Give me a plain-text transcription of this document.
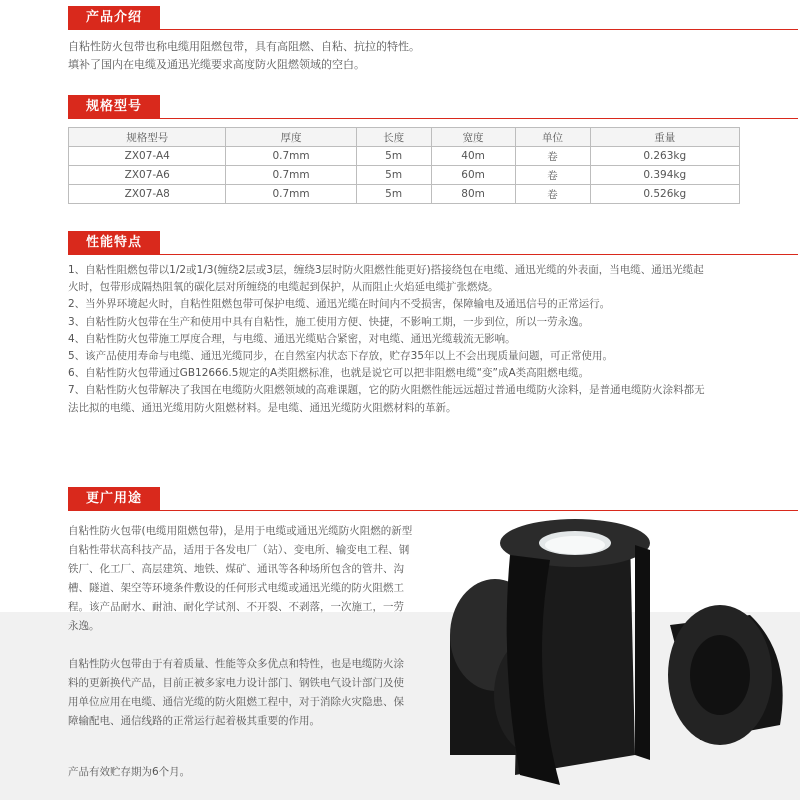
产品介绍
自粘性防火包带也称电缆用阻燃包带，具有高阻燃、自粘、抗拉的特性。
填补了国内在电缆及通迅光缆要求高度防火阻燃领域的空白。
规格型号
规格型号	厚度	长度	宽度	单位	重量
ZX07-A4	0.7mm	5m	40m	卷	0.263kg
ZX07-A6	0.7mm	5m	60m	卷	0.394kg
ZX07-A8	0.7mm	5m	80m	卷	0.526kg
性能特点

1、自粘性阻燃包带以1/2或1/3(缠绕2层或3层，缠绕3层时防火阻燃性能更好)搭接绕包在电缆、通迅光缆的外表面，当电缆、通迅光缆起火时，包带形成隔热阻氧的碳化层对所缠绕的电缆起到保护，从而阻止火焰延电缆扩张燃烧。

2、当外界环境起火时，自粘性阻燃包带可保护电缆、通迅光缆在时间内不受损害，保障输电及通迅信号的正常运行。

3、自粘性防火包带在生产和使用中具有自粘性，施工使用方便、快捷，不影响工期，一步到位，所以一劳永逸。

4、自粘性防火包带施工厚度合理，与电缆、通迅光缆贴合紧密，对电缆、通迅光缆载流无影响。

5、该产品使用寿命与电缆、通迅光缆同步，在自然室内状态下存放，贮存35年以上不会出现质量问题，可正常使用。

6、自粘性防火包带通过GB12666.5规定的A类阻燃标准，也就是说它可以把非阻燃电缆“变”成A类高阻燃电缆。

7、自粘性防火包带解决了我国在电缆防火阻燃领域的高难课题，它的防火阻燃性能远远超过普通电缆防火涂料，是普通电缆防火涂料都无法比拟的电缆、通迅光缆用防火阻燃材料。是电缆、通迅光缆防火阻燃材料的革新。

更广用途

自粘性防火包带(电缆用阻燃包带)，是用于电缆或通迅光缆防火阻燃的新型自粘性带状高科技产品，适用于各发电厂（站）、变电所、输变电工程、钢铁厂、化工厂、高层建筑、地铁、煤矿、通讯等各种场所包含的管井、沟槽、隧道、架空等环境条件敷设的任何形式电缆或通迅光缆的防火阻燃工程。该产品耐水、耐油、耐化学试剂、不开裂、不剥落，一次施工，一劳永逸。

自粘性防火包带由于有着质量、性能等众多优点和特性，也是电缆防火涂料的更新换代产品，目前正被多家电力设计部门、钢铁电气设计部门及使用单位应用在电缆、通信光缆的防火阻燃工程中，对于消除火灾隐患、保障输配电、通信线路的正常运行起着极其重要的作用。

产品有效贮存期为6个月。
